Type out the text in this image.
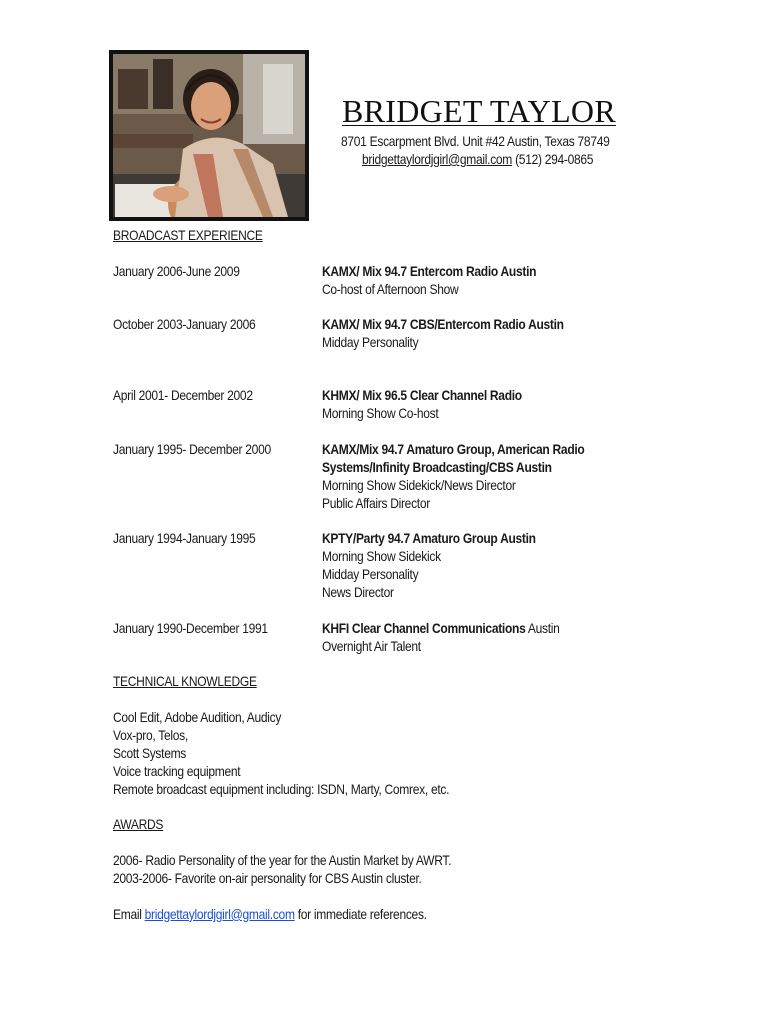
BRIDGET TAYLOR
8701 Escarpment Blvd. Unit #42 Austin, Texas 78749
bridgettaylordjgirl@gmail.com (512) 294-0865
BROADCAST EXPERIENCE
January 2006-June 2009	KAMX/ Mix 94.7 Entercom Radio Austin
Co-host of Afternoon Show
October 2003-January 2006	KAMX/ Mix 94.7 CBS/Entercom Radio Austin
Midday Personality
April 2001- December 2002	KHMX/ Mix 96.5 Clear Channel Radio
Morning Show Co-host
January 1995- December 2000	KAMX/Mix 94.7 Amaturo Group, American Radio
Systems/Infinity Broadcasting/CBS Austin
Morning Show Sidekick/News Director
Public Affairs Director
January 1994-January 1995	KPTY/Party 94.7 Amaturo Group Austin
Morning Show Sidekick
Midday Personality
News Director
January 1990-December 1991	KHFI Clear Channel Communications Austin
Overnight Air Talent
TECHNICAL KNOWLEDGE
Cool Edit, Adobe Audition, Audicy
Vox-pro, Telos,
Scott Systems
Voice tracking equipment
Remote broadcast equipment including: ISDN, Marty, Comrex, etc.
AWARDS
2006- Radio Personality of the year for the Austin Market by AWRT.
2003-2006- Favorite on-air personality for CBS Austin cluster.
Email bridgettaylordjgirl@gmail.com for immediate references.
